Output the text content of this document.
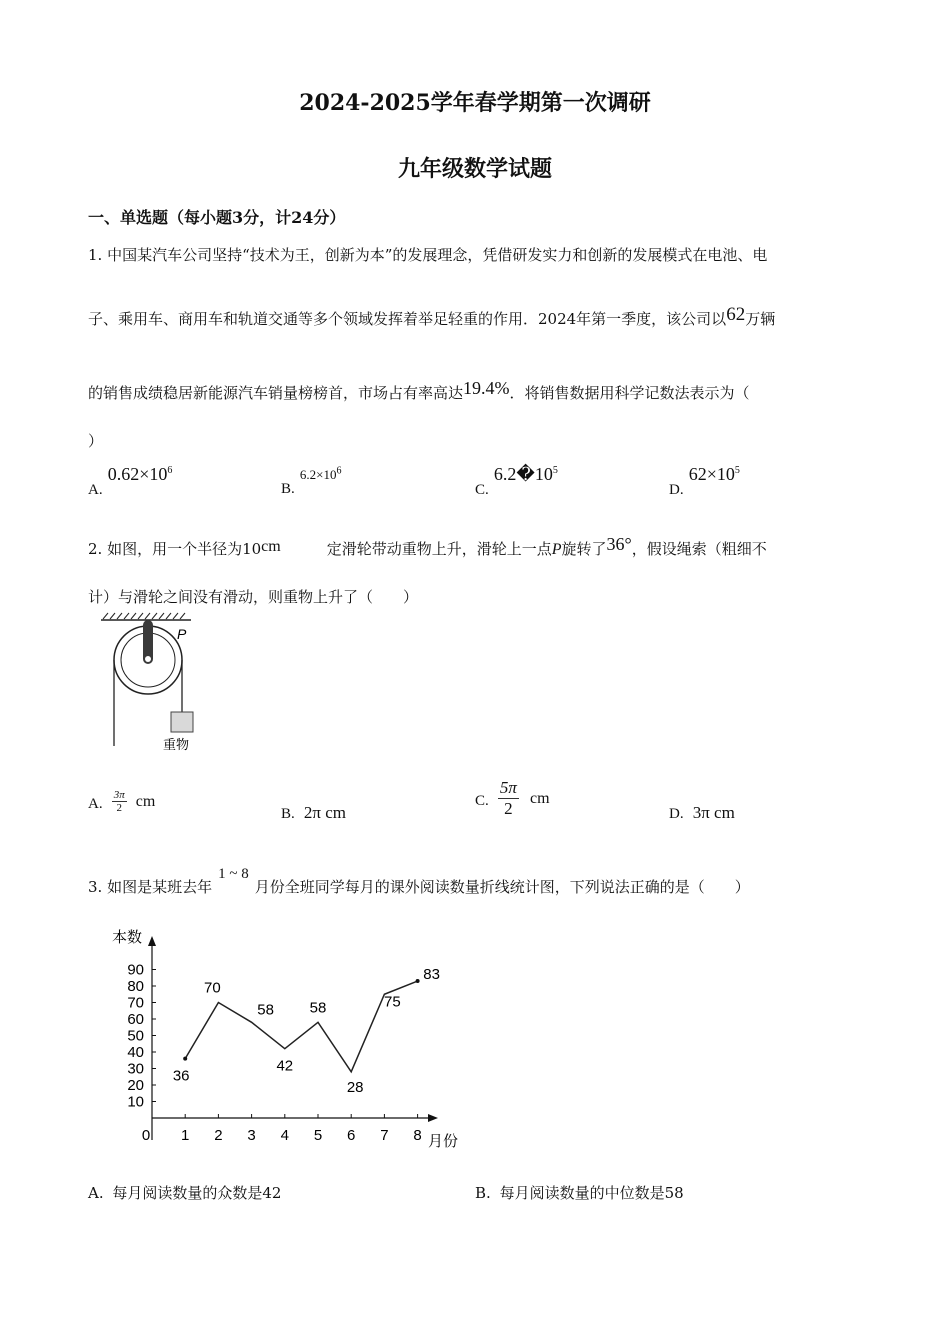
2024-2025学年春学期第一次调研
九年级数学试题
一、单选题（每小题3分，计24分）
1. 中国某汽车公司坚持“技术为王，创新为本”的发展理念，凭借研发实力和创新的发展模式在电池、电
子、乘用车、商用车和轨道交通等多个领域发挥着举足轻重的作用．2024年第一季度，该公司以62万辆
的销售成绩稳居新能源汽车销量榜榜首，市场占有率高达19.4%．将销售数据用科学记数法表示为（
）
A. $0.62\times 10^6$
B. $6.2\times 10^6$
C. $6.2�10^5$
D. $62\times 10^5$
2. 如图，用一个半径为10cm	定滑轮带动重物上升，滑轮上一点P旋转了36°，假设绳索（粗细不
计）与滑轮之间没有滑动，则重物上升了（　　）
P
重物
A. $\frac{3\pi}{2}$ cm
B. 2π cm
C. $\frac{5\pi}{2}$ cm
D. 3π cm
3. 如图是某班去年1 ~ 8月份全班同学每月的课外阅读数量折线统计图，下列说法正确的是（　　）
本数
月份
10
20
30
40
50
60
70
80
90
0 1 2 3 4 5 6 7 8
36
70
58
42
58
28
75
83
A. 每月阅读数量的众数是42	B. 每月阅读数量的中位数是58
